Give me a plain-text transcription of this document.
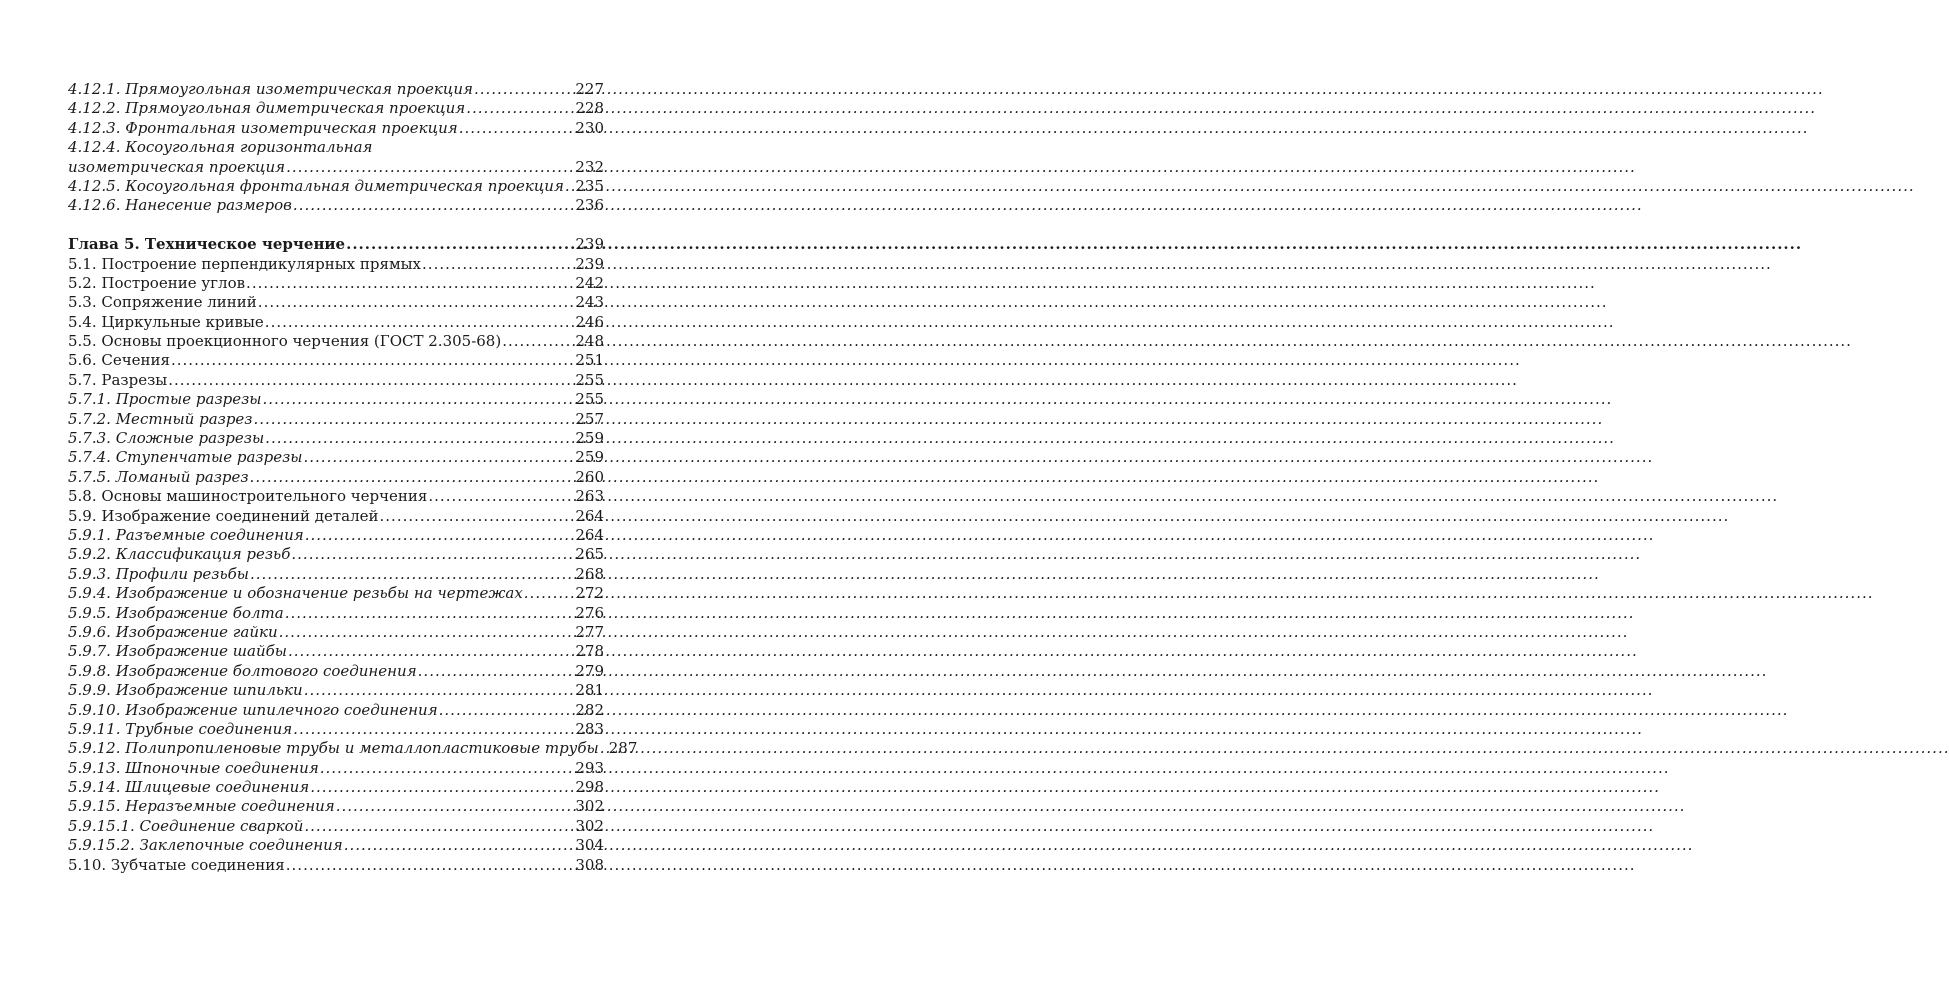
4.12.1. Прямоугольная изометрическая проекция .....	227
4.12.2. Прямоугольная диметрическая проекция .....	228
4.12.3. Фронтальная изометрическая проекция .....	230
4.12.4. Косоугольная горизонтальная
изометрическая проекция .....	232
4.12.5. Косоугольная фронтальная диметрическая проекция ..... 235
4.12.6. Нанесение размеров .....	236
Глава 5. Техническое черчение .....	239
5.1. Построение перпендикулярных прямых .....	239
5.2. Построение углов .....	242
5.3. Сопряжение линий .....	243
5.4. Циркульные кривые .....	246
5.5. Основы проекционного черчения (ГОСТ 2.305-68) .....	248
5.6. Сечения .....	251
5.7. Разрезы .....	255
5.7.1. Простые разрезы .....	255
5.7.2. Местный разрез .....	257
5.7.3. Сложные разрезы .....	259
5.7.4. Ступенчатые разрезы .....	259
5.7.5. Ломаный разрез .....	260
5.8. Основы машиностроительного черчения .....	263
5.9. Изображение соединений деталей .....	264
5.9.1. Разъемные соединения .....	264
5.9.2. Классификация резьб .....	265
5.9.3. Профили резьбы .....	268
5.9.4. Изображение и обозначение резьбы на чертежах .....	272
5.9.5. Изображение болта .....	276
5.9.6. Изображение гайки .....	277
5.9.7. Изображение шайбы .....	278
5.9.8. Изображение болтового соединения .....	279
5.9.9. Изображение шпильки .....	281
5.9.10. Изображение шпилечного соединения .....	282
5.9.11. Трубные соединения .....	283
5.9.12. Полипропиленовые трубы и металлопластиковые трубы ..... 287
5.9.13. Шпоночные соединения .....	293
5.9.14. Шлицевые соединения .....	298
5.9.15. Неразъемные соединения .....	302
5.9.15.1. Соединение сваркой .....	302
5.9.15.2. Заклепочные соединения .....	304
5.10. Зубчатые соединения .....	308
